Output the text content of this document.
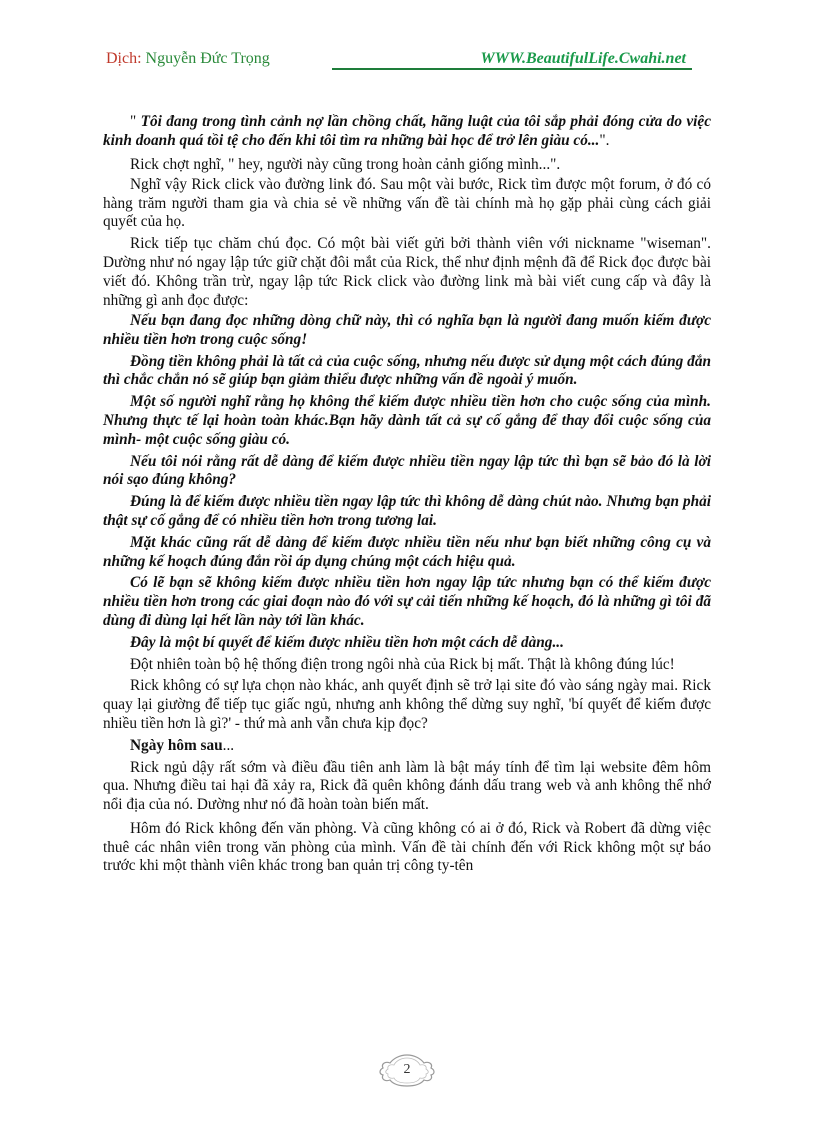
Dịch: Nguyễn Đức Trọng	WWW.BeautifulLife.Cwahi.net

" Tôi đang trong tình cảnh nợ lần chồng chất, hãng luật của tôi sắp phải đóng cửa do việc kinh doanh quá tồi tệ cho đến khi tôi tìm ra những bài học để trở lên giàu có...".

Rick chợt nghĩ, " hey, người này cũng trong hoàn cảnh giống mình...".

Nghĩ vậy Rick click vào đường link đó. Sau một vài bước, Rick tìm được một forum, ở đó có hàng trăm người tham gia và chia sẻ về những vấn đề tài chính mà họ gặp phải cùng cách giải quyết của họ.

Rick tiếp tục chăm chú đọc. Có một bài viết gửi bởi thành viên với nickname "wiseman". Dường như nó ngay lập tức giữ chặt đôi mắt của Rick, thể như định mệnh đã để Rick đọc được bài viết đó. Không trần trừ, ngay lập tức Rick click vào đường link mà bài viết cung cấp và đây là những gì anh đọc được:

Nếu bạn đang đọc những dòng chữ này, thì có nghĩa bạn là người đang muốn kiếm được nhiều tiền hơn trong cuộc sống!

Đồng tiền không phải là tất cả của cuộc sống, nhưng nếu được sử dụng một cách đúng đắn thì chắc chắn nó sẽ giúp bạn giảm thiểu được những vấn đề ngoài ý muốn.

Một số người nghĩ rằng họ không thể kiếm được nhiều tiền hơn cho cuộc sống của mình. Nhưng thực tế lại hoàn toàn khác.Bạn hãy dành tất cả sự cố gắng để thay đổi cuộc sống của mình- một cuộc sống giàu có.

Nếu tôi nói rằng rất dễ dàng để kiếm được nhiều tiền ngay lập tức thì bạn sẽ bảo đó là lời nói sạo đúng không?

Đúng là để kiếm được nhiều tiền ngay lập tức thì không dễ dàng chút nào. Nhưng bạn phải thật sự cố gắng để có nhiều tiền hơn trong tương lai.

Mặt khác cũng rất dễ dàng để kiếm được nhiều tiền nếu như bạn biết những công cụ và những kế hoạch đúng đắn rồi áp dụng chúng một cách hiệu quả.

Có lẽ bạn sẽ không kiếm được nhiều tiền hơn ngay lập tức nhưng bạn có thể kiếm được nhiều tiền hơn trong các giai đoạn nào đó với sự cải tiến những kế hoạch, đó là những gì tôi đã dùng đi dùng lại hết lần này tới lần khác.

Đây là một bí quyết để kiếm được nhiều tiền hơn một cách dễ dàng...

Đột nhiên toàn bộ hệ thống điện trong ngôi nhà của Rick bị mất. Thật là không đúng lúc!

Rick không có sự lựa chọn nào khác, anh quyết định sẽ trở lại site đó vào sáng ngày mai. Rick quay lại giường để tiếp tục giấc ngủ, nhưng anh không thể dừng suy nghĩ, 'bí quyết để kiếm được nhiều tiền hơn là gì?' - thứ mà anh vẫn chưa kịp đọc?

Ngày hôm sau...

Rick ngủ dậy rất sớm và điều đầu tiên anh làm là bật máy tính để tìm lại website đêm hôm qua. Nhưng điều tai hại đã xảy ra, Rick đã quên không đánh dấu trang web và anh không thể nhớ nổi địa của nó. Dường như nó đã hoàn toàn biến mất.

Hôm đó Rick không đến văn phòng. Và cũng không có ai ở đó, Rick và Robert đã dừng việc thuê các nhân viên trong văn phòng của mình. Vấn đề tài chính đến với Rick không một sự báo trước khi một thành viên khác trong ban quản trị công ty-tên

2
